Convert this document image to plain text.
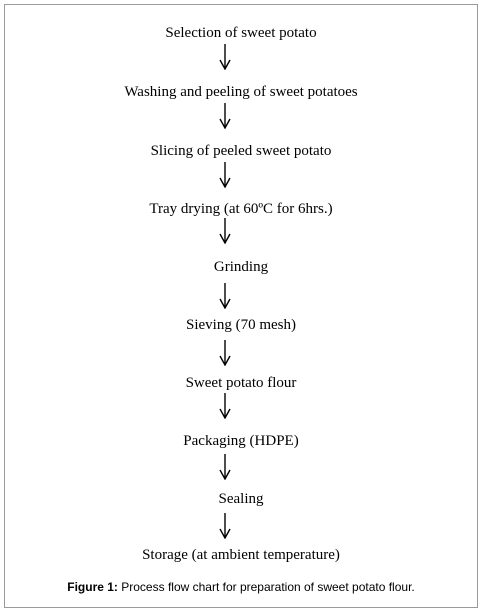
Selection of sweet potato
Washing and peeling of sweet potatoes
Slicing of peeled sweet potato
Tray drying (at 60ºC for 6hrs.)
Grinding
Sieving (70 mesh)
Sweet potato flour
Packaging (HDPE)
Sealing
Storage (at ambient temperature)
Figure 1: Process flow chart for preparation of sweet potato flour.
